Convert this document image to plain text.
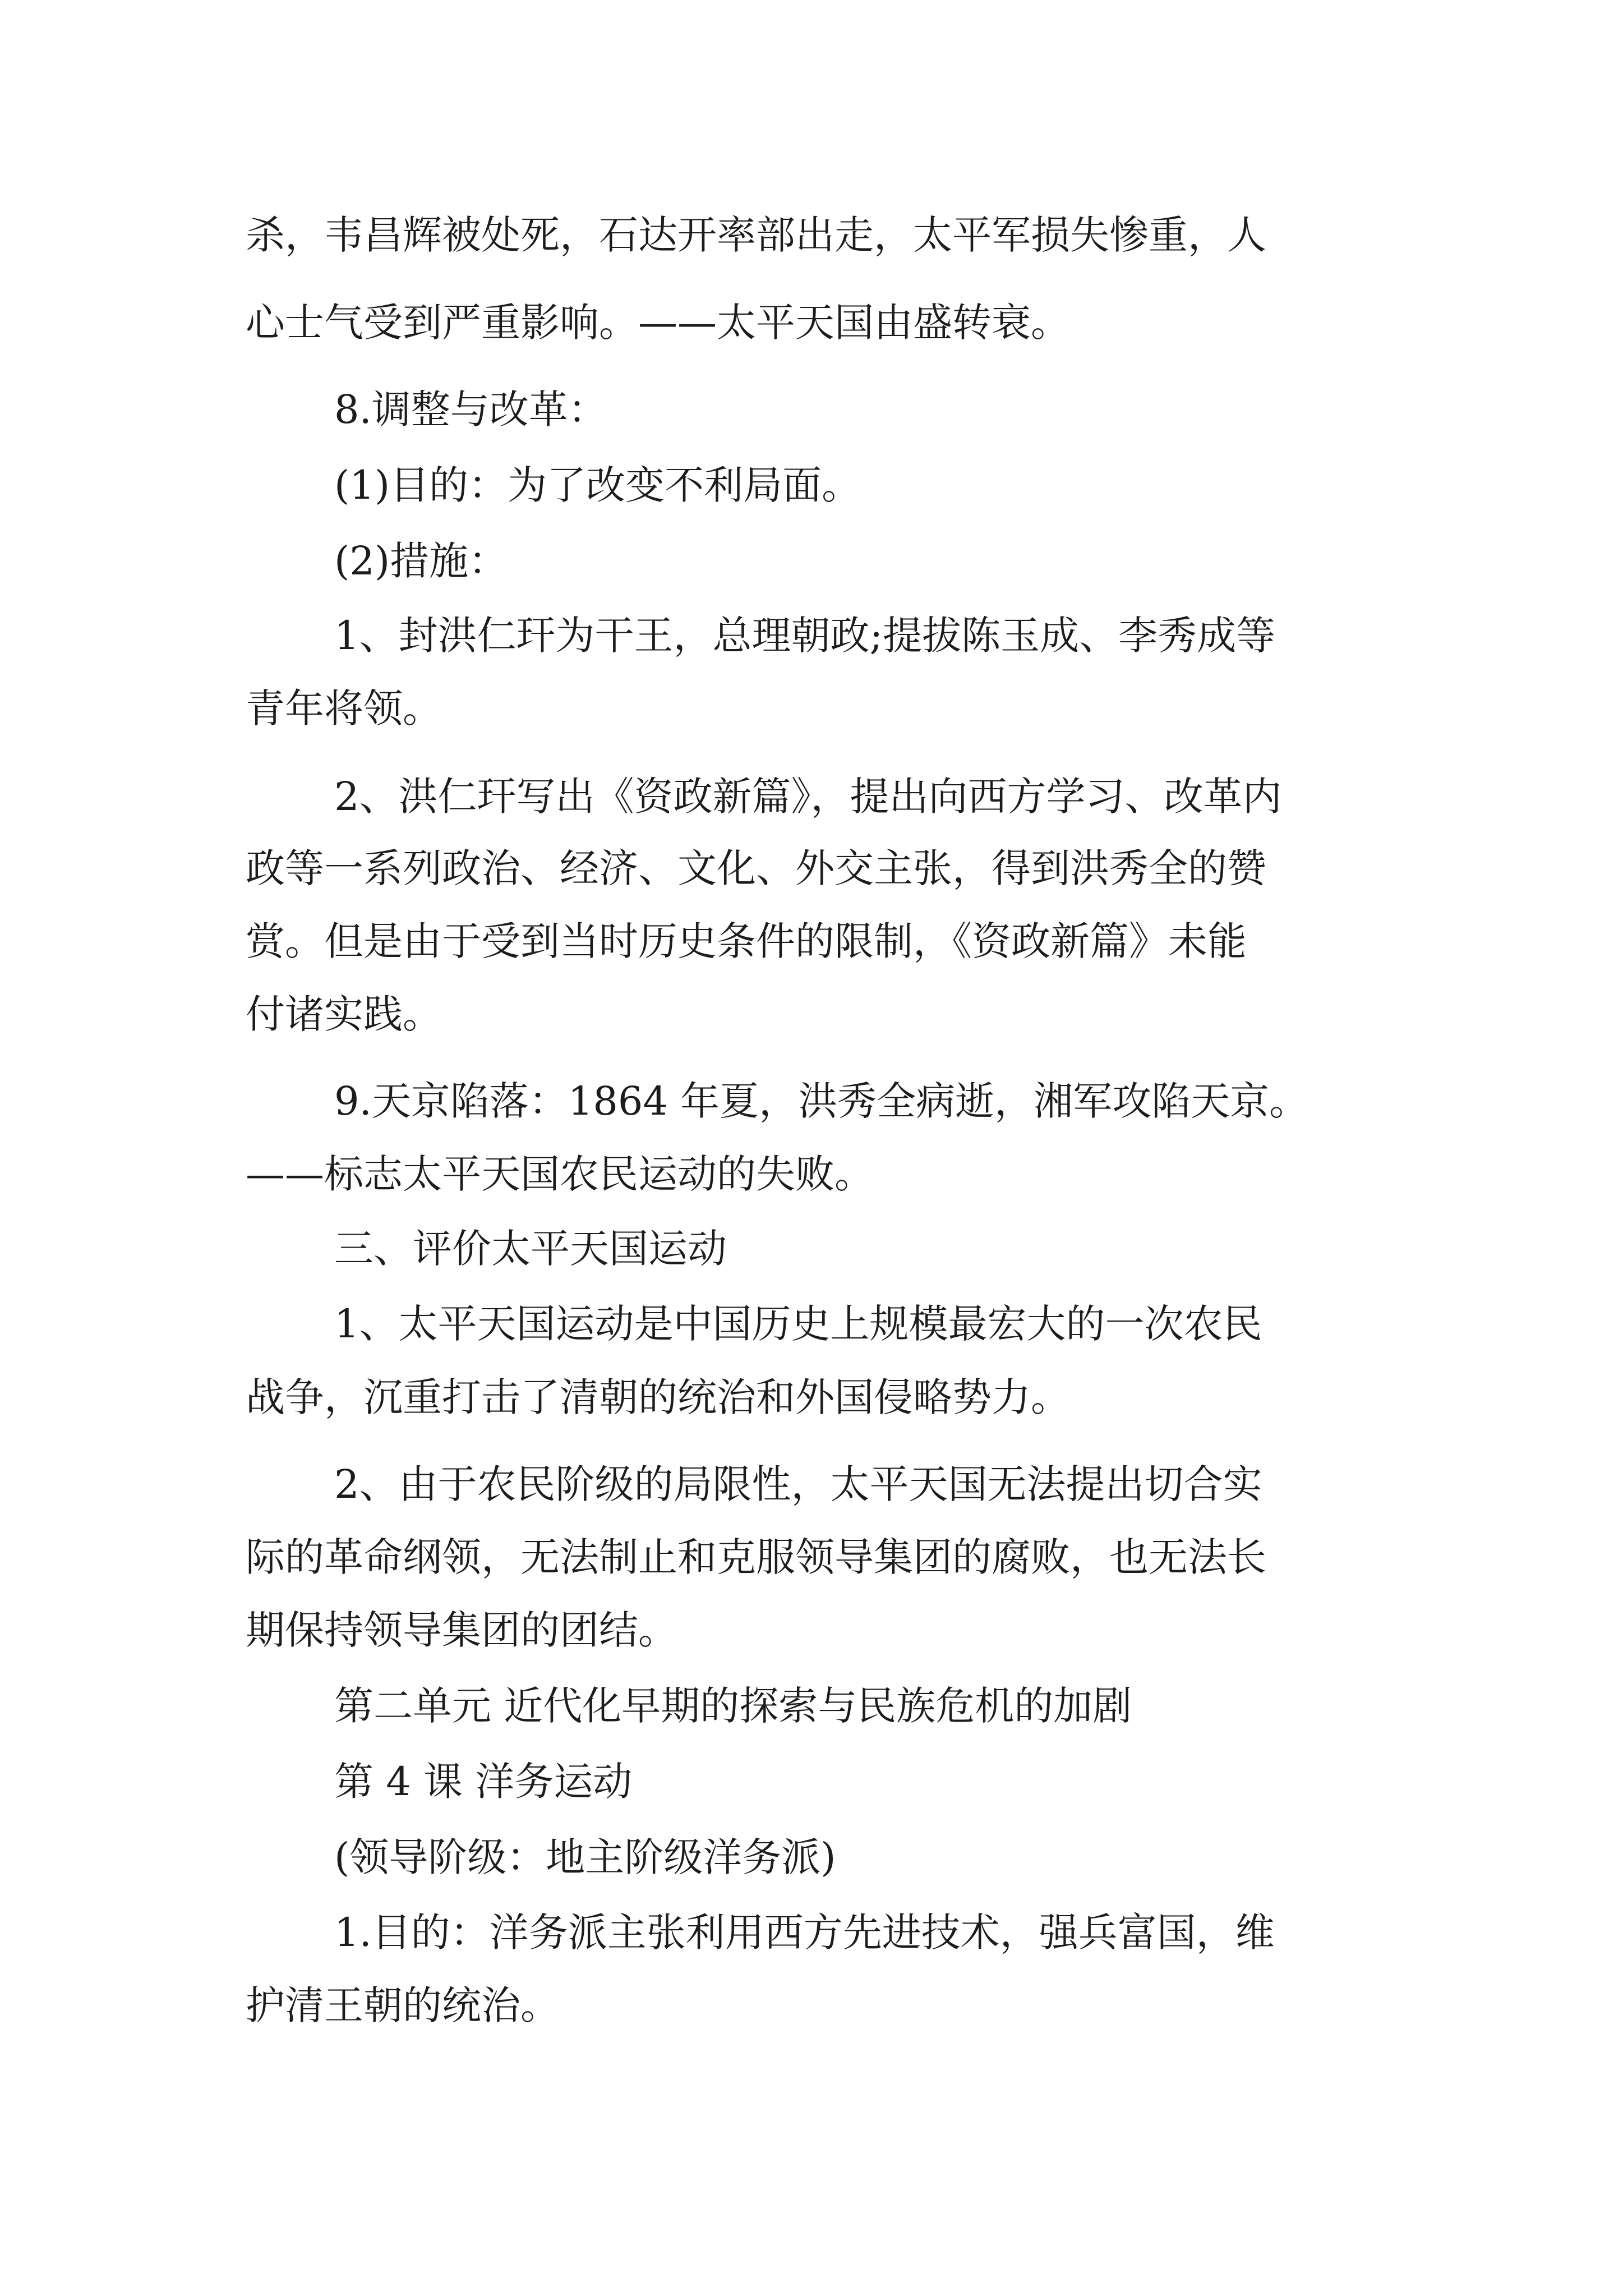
杀，韦昌辉被处死，石达开率部出走，太平军损失惨重，人
心士气受到严重影响。——太平天国由盛转衰。
8.调整与改革：
(1)目的：为了改变不利局面。
(2)措施：
1、封洪仁玕为干王，总理朝政;提拔陈玉成、李秀成等
青年将领。
2、洪仁玕写出《资政新篇》，提出向西方学习、改革内
政等一系列政治、经济、文化、外交主张，得到洪秀全的赞
赏。但是由于受到当时历史条件的限制，《资政新篇》未能
付诸实践。
9.天京陷落：1864 年夏，洪秀全病逝，湘军攻陷天京。
——标志太平天国农民运动的失败。
三、评价太平天国运动
1、太平天国运动是中国历史上规模最宏大的一次农民
战争，沉重打击了清朝的统治和外国侵略势力。
2、由于农民阶级的局限性，太平天国无法提出切合实
际的革命纲领，无法制止和克服领导集团的腐败，也无法长
期保持领导集团的团结。
第二单元 近代化早期的探索与民族危机的加剧
第 4 课 洋务运动
(领导阶级：地主阶级洋务派)
1.目的：洋务派主张利用西方先进技术，强兵富国，维
护清王朝的统治。
